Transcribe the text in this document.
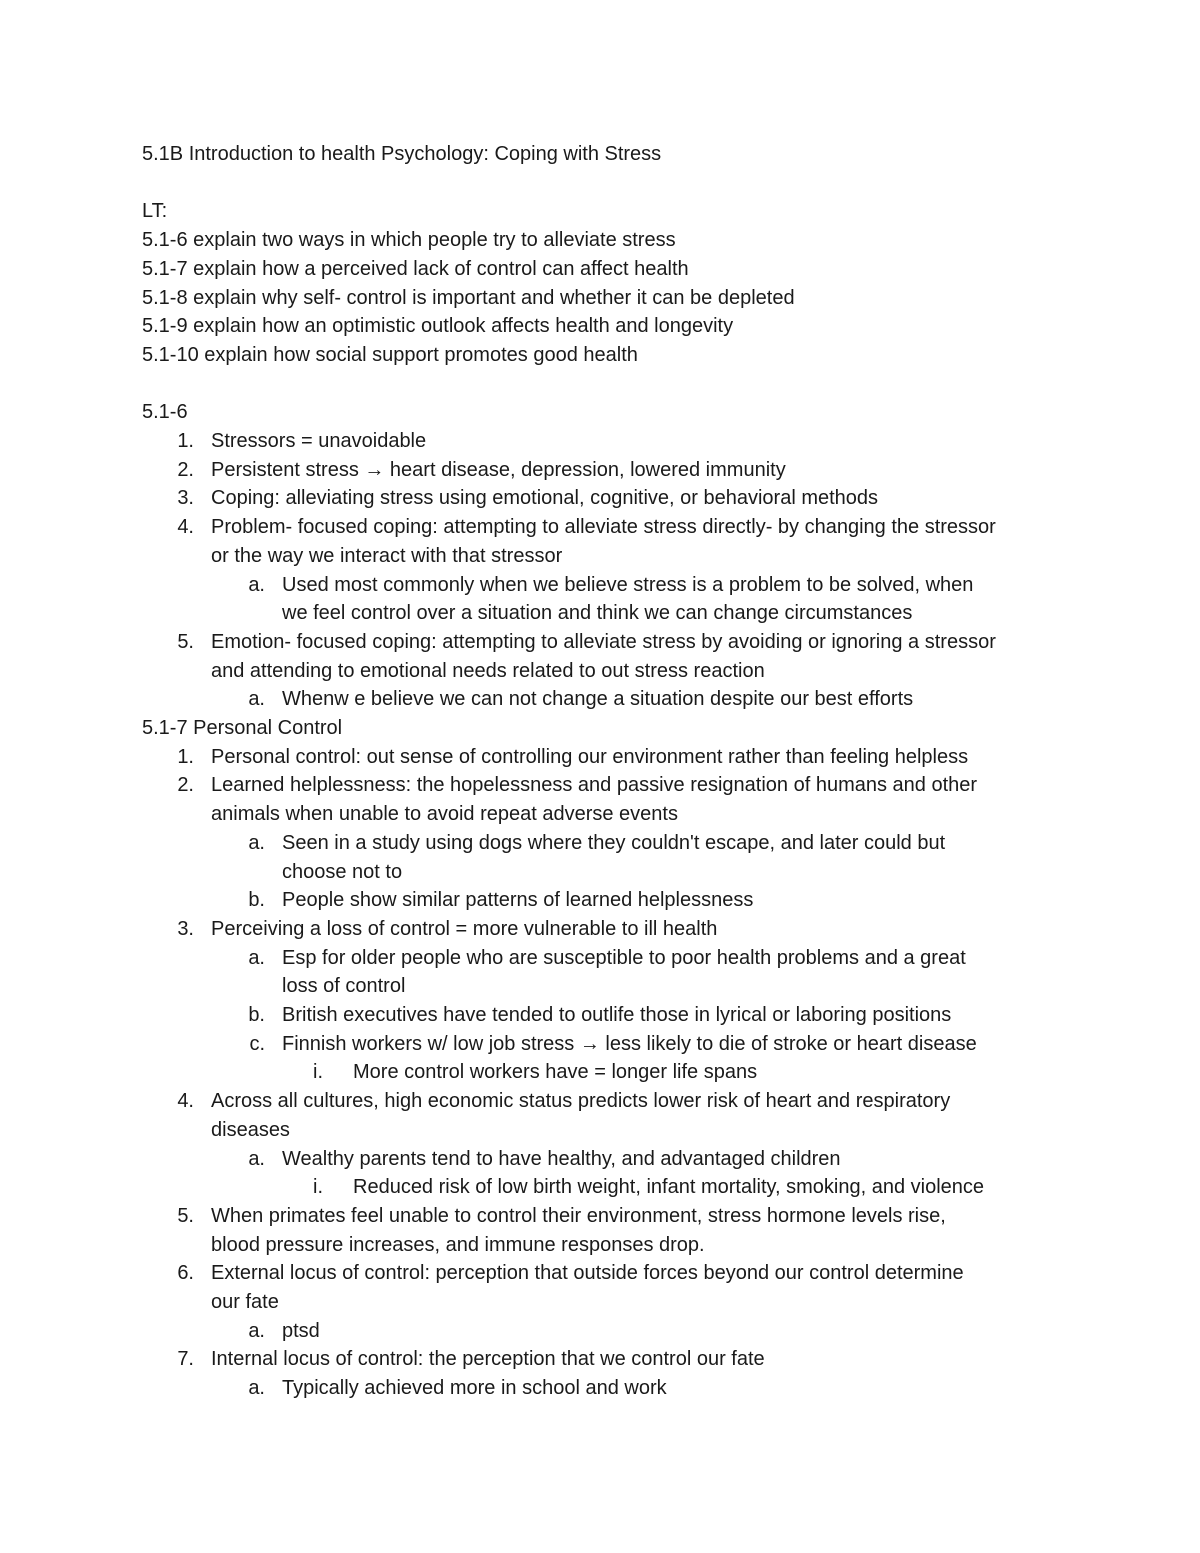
5.1B Introduction to health Psychology: Coping with Stress
LT:
5.1-6 explain two ways in which people try to alleviate stress
5.1-7 explain how a perceived lack of control can affect health
5.1-8 explain why self- control is important and whether it can be depleted
5.1-9 explain how an optimistic outlook affects health and longevity
5.1-10 explain how social support promotes good health
5.1-6
1. Stressors = unavoidable
2. Persistent stress → heart disease, depression, lowered immunity
3. Coping: alleviating stress using emotional, cognitive, or behavioral methods
4. Problem- focused coping: attempting to alleviate stress directly- by changing the stressor
or the way we interact with that stressor
a. Used most commonly when we believe stress is a problem to be solved, when
we feel control over a situation and think we can change circumstances
5. Emotion- focused coping: attempting to alleviate stress by avoiding or ignoring a stressor
and attending to emotional needs related to out stress reaction
a. Whenw e believe we can not change a situation despite our best efforts
5.1-7 Personal Control
1. Personal control: out sense of controlling our environment rather than feeling helpless
2. Learned helplessness: the hopelessness and passive resignation of humans and other
animals when unable to avoid repeat adverse events
a. Seen in a study using dogs where they couldn't escape, and later could but
choose not to
b. People show similar patterns of learned helplessness
3. Perceiving a loss of control = more vulnerable to ill health
a. Esp for older people who are susceptible to poor health problems and a great
loss of control
b. British executives have tended to outlife those in lyrical or laboring positions
c. Finnish workers w/ low job stress → less likely to die of stroke or heart disease
i. More control workers have = longer life spans
4. Across all cultures, high economic status predicts lower risk of heart and respiratory
diseases
a. Wealthy parents tend to have healthy, and advantaged children
i. Reduced risk of low birth weight, infant mortality, smoking, and violence
5. When primates feel unable to control their environment, stress hormone levels rise,
blood pressure increases, and immune responses drop.
6. External locus of control: perception that outside forces beyond our control determine
our fate
a. ptsd
7. Internal locus of control: the perception that we control our fate
a. Typically achieved more in school and work
